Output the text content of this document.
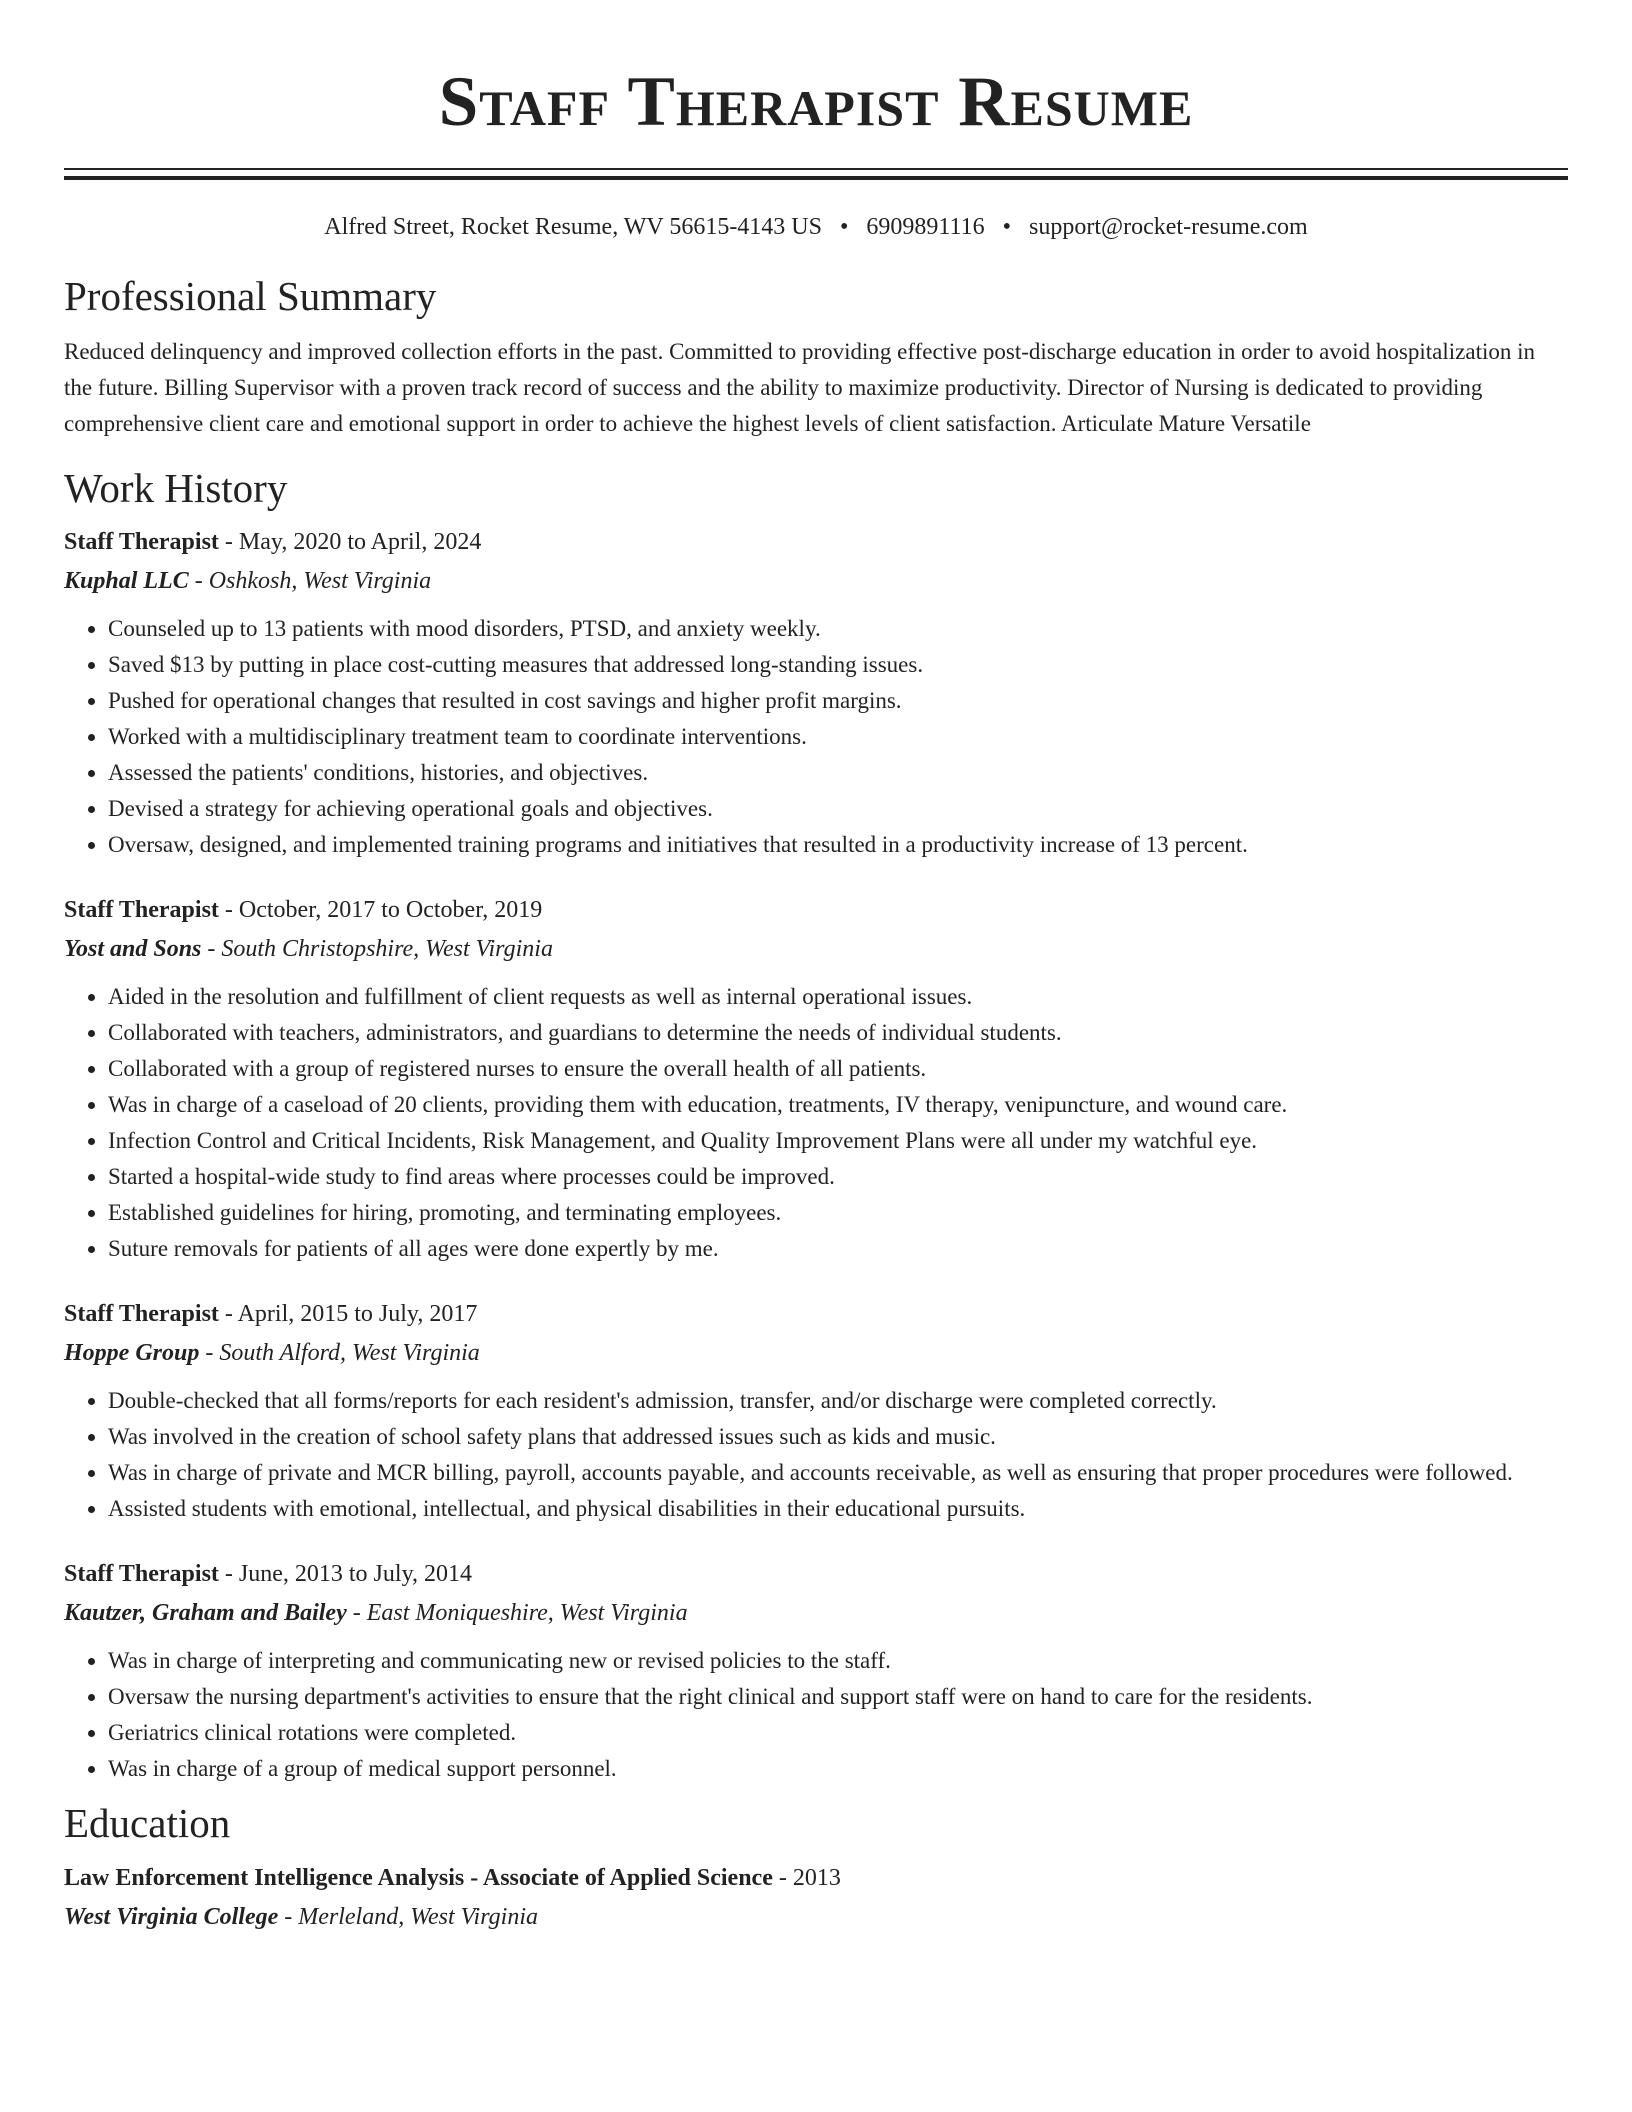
Staff Therapist Resume
Alfred Street, Rocket Resume, WV 56615-4143 US • 6909891116 • support@rocket-resume.com
Professional Summary

Reduced delinquency and improved collection efforts in the past. Committed to providing effective post-discharge education in order to avoid hospitalization in the future. Billing Supervisor with a proven track record of success and the ability to maximize productivity. Director of Nursing is dedicated to providing comprehensive client care and emotional support in order to achieve the highest levels of client satisfaction. Articulate Mature Versatile

Work History
Staff Therapist - May, 2020 to April, 2024
Kuphal LLC - Oshkosh, West Virginia
• Counseled up to 13 patients with mood disorders, PTSD, and anxiety weekly.
• Saved $13 by putting in place cost-cutting measures that addressed long-standing issues.
• Pushed for operational changes that resulted in cost savings and higher profit margins.
• Worked with a multidisciplinary treatment team to coordinate interventions.
• Assessed the patients' conditions, histories, and objectives.
• Devised a strategy for achieving operational goals and objectives.
• Oversaw, designed, and implemented training programs and initiatives that resulted in a productivity increase of 13 percent.
Staff Therapist - October, 2017 to October, 2019
Yost and Sons - South Christopshire, West Virginia
• Aided in the resolution and fulfillment of client requests as well as internal operational issues.
• Collaborated with teachers, administrators, and guardians to determine the needs of individual students.
• Collaborated with a group of registered nurses to ensure the overall health of all patients.
• Was in charge of a caseload of 20 clients, providing them with education, treatments, IV therapy, venipuncture, and wound care.
• Infection Control and Critical Incidents, Risk Management, and Quality Improvement Plans were all under my watchful eye.
• Started a hospital-wide study to find areas where processes could be improved.
• Established guidelines for hiring, promoting, and terminating employees.
• Suture removals for patients of all ages were done expertly by me.
Staff Therapist - April, 2015 to July, 2017
Hoppe Group - South Alford, West Virginia
• Double-checked that all forms/reports for each resident's admission, transfer, and/or discharge were completed correctly.
• Was involved in the creation of school safety plans that addressed issues such as kids and music.
• Was in charge of private and MCR billing, payroll, accounts payable, and accounts receivable, as well as ensuring that proper procedures were followed.
• Assisted students with emotional, intellectual, and physical disabilities in their educational pursuits.
Staff Therapist - June, 2013 to July, 2014
Kautzer, Graham and Bailey - East Moniqueshire, West Virginia
• Was in charge of interpreting and communicating new or revised policies to the staff.
• Oversaw the nursing department's activities to ensure that the right clinical and support staff were on hand to care for the residents.
• Geriatrics clinical rotations were completed.
• Was in charge of a group of medical support personnel.
Education
Law Enforcement Intelligence Analysis - Associate of Applied Science - 2013
West Virginia College - Merleland, West Virginia
